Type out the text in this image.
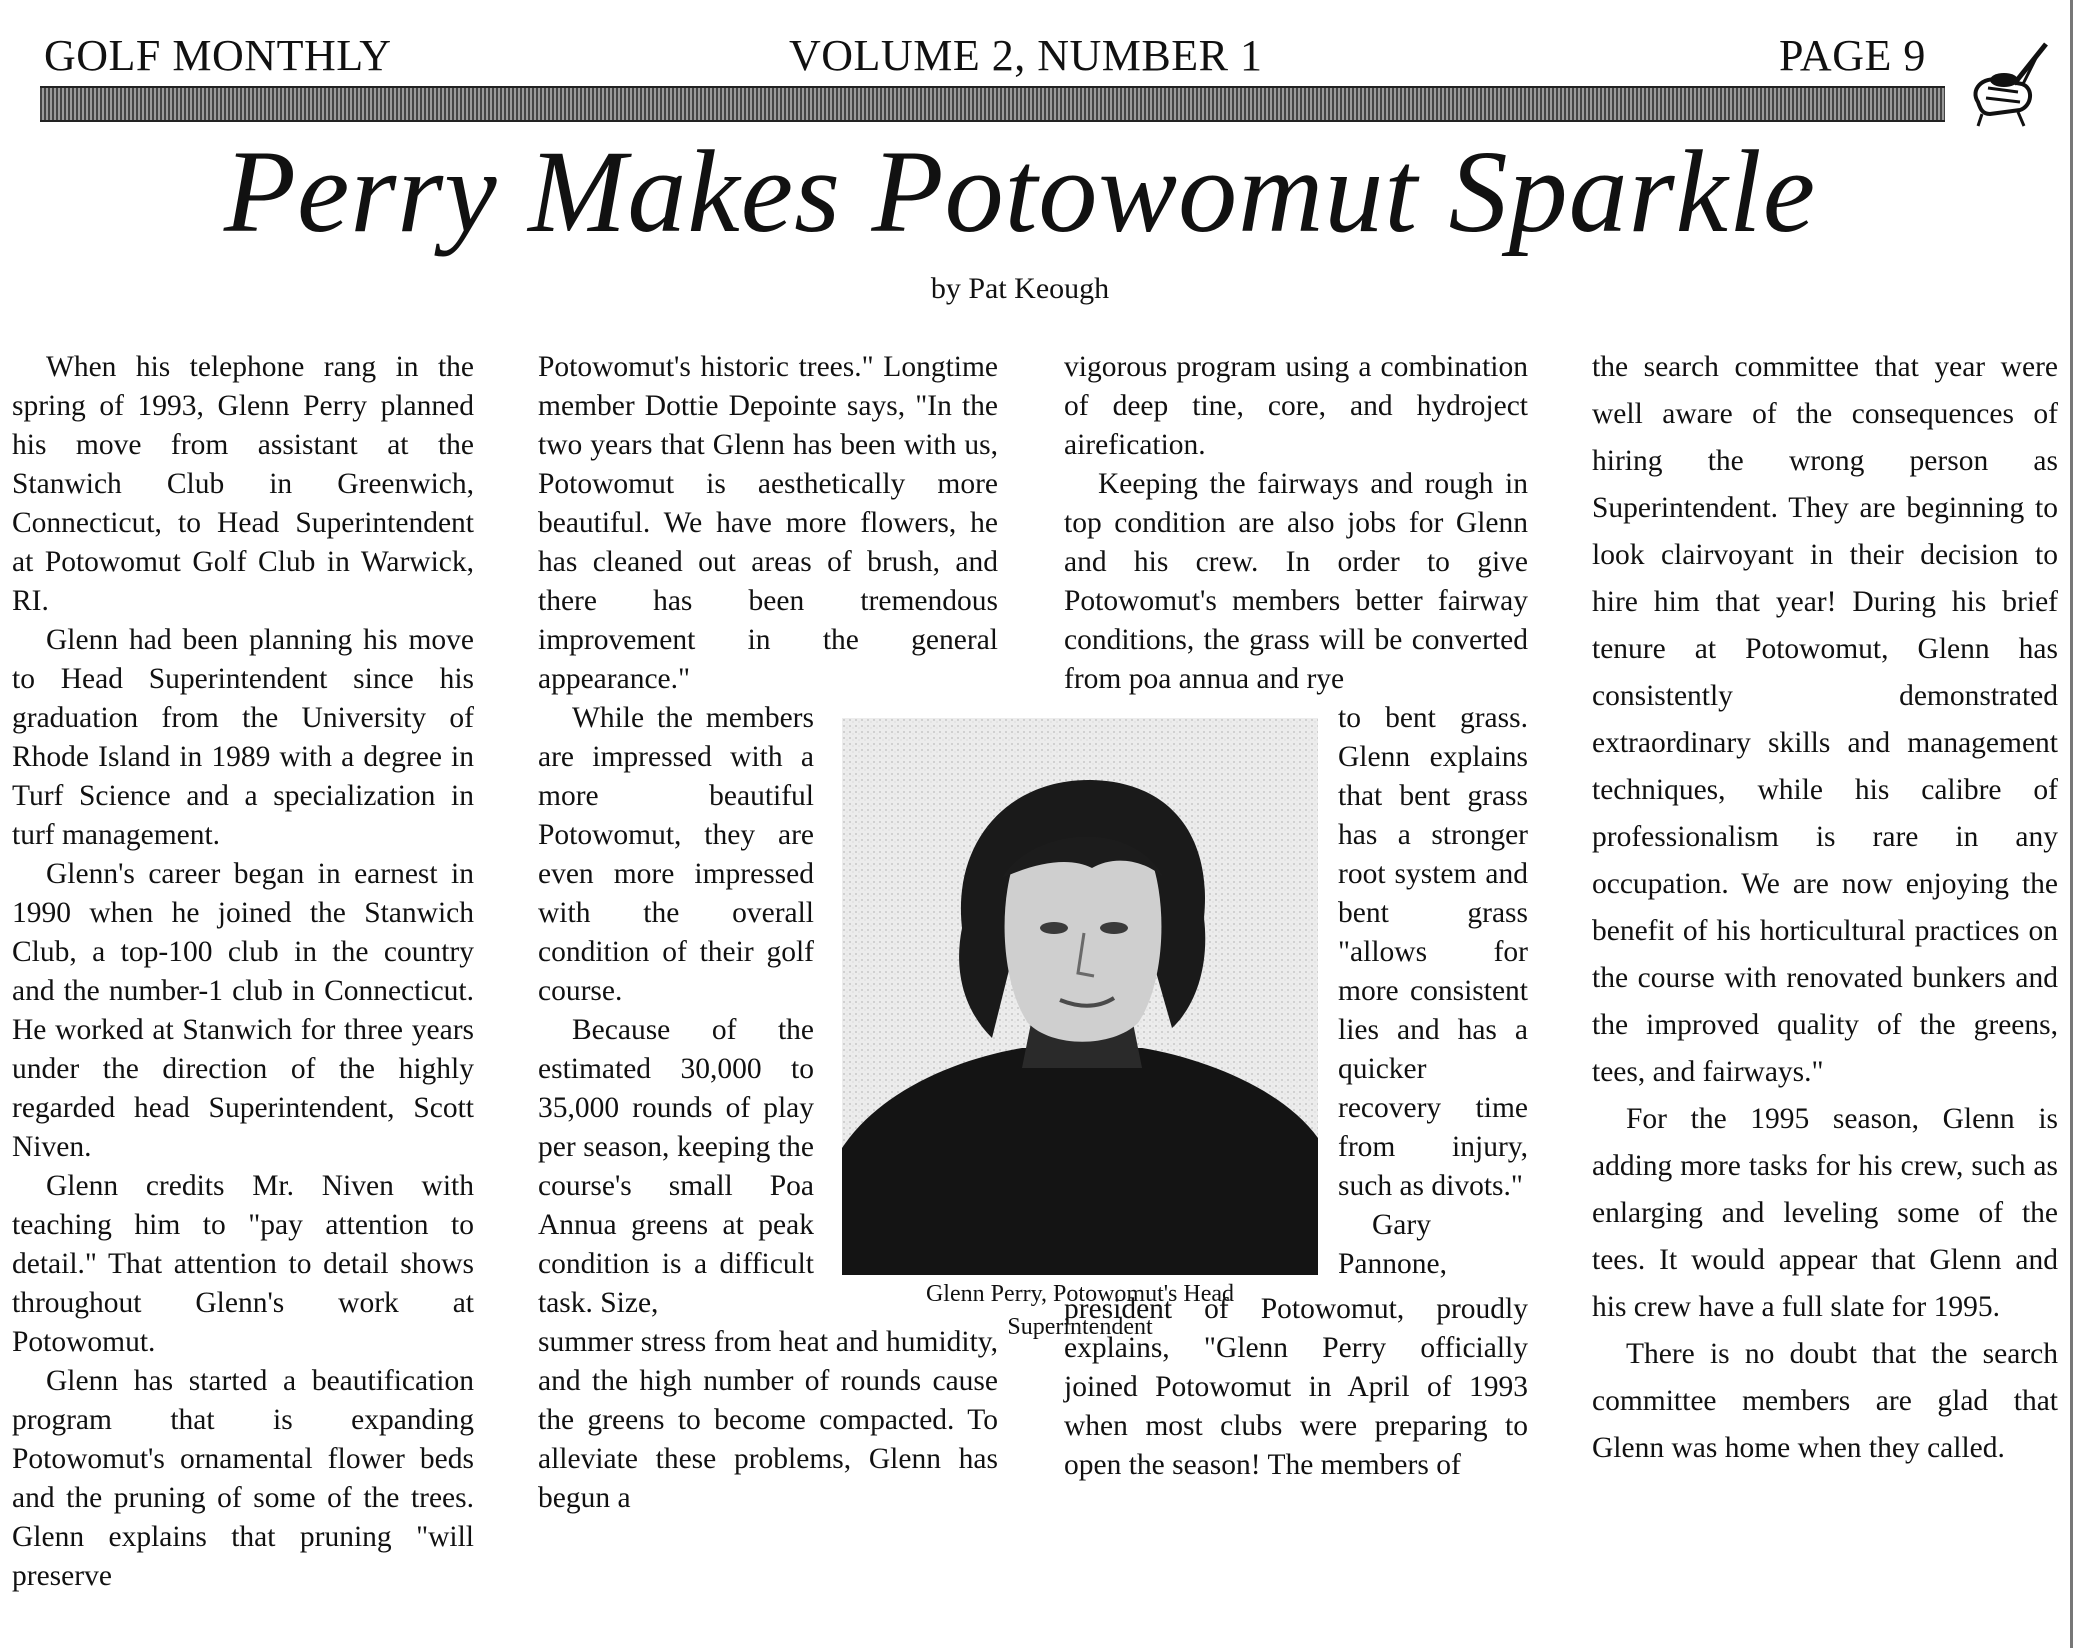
GOLF MONTHLY	VOLUME 2, NUMBER 1	PAGE 9
Perry Makes Potowomut Sparkle
by Pat Keough

When his telephone rang in the spring of 1993, Glenn Perry planned his move from assistant at the Stanwich Club in Greenwich, Connecticut, to Head Superintendent at Potowomut Golf Club in Warwick, RI.

Glenn had been planning his move to Head Superintendent since his graduation from the University of Rhode Island in 1989 with a degree in Turf Science and a specialization in turf management.

Glenn's career began in earnest in 1990 when he joined the Stanwich Club, a top-100 club in the country and the number-1 club in Connecticut. He worked at Stanwich for three years under the direction of the highly regarded head Superintendent, Scott Niven.

Glenn credits Mr. Niven with teaching him to "pay attention to detail." That attention to detail shows throughout Glenn's work at Potowomut.

Glenn has started a beautification program that is expanding Potowomut's ornamental flower beds and the pruning of some of the trees. Glenn explains that pruning "will preserve

Potowomut's historic trees." Longtime member Dottie Depointe says, "In the two years that Glenn has been with us, Potowomut is aesthetically more beautiful. We have more flowers, he has cleaned out areas of brush, and there has been tremendous improvement in the general appearance."

While the members are impressed with a more beautiful Potowomut, they are even more impressed with the overall condition of their golf course.

Because of the estimated 30,000 to 35,000 rounds of play per season, keeping the course's small Poa Annua greens at peak condition is a difficult task. Size,

summer stress from heat and humidity, and the high number of rounds cause the greens to become compacted. To alleviate these problems, Glenn has begun a

vigorous program using a combination of deep tine, core, and hydroject airefication.

Keeping the fairways and rough in top condition are also jobs for Glenn and his crew. In order to give Potowomut's members better fairway conditions, the grass will be converted from poa annua and rye

to bent grass. Glenn explains that bent grass has a stronger root system and bent grass "allows for more consistent lies and has a quicker recovery time from injury, such as divots."

Gary Pannone,

president of Potowomut, proudly explains, "Glenn Perry officially joined Potowomut in April of 1993 when most clubs were preparing to open the season! The members of

the search committee that year were well aware of the consequences of hiring the wrong person as Superintendent. They are beginning to look clairvoyant in their decision to hire him that year! During his brief tenure at Potowomut, Glenn has consistently demonstrated extraordinary skills and management techniques, while his calibre of professionalism is rare in any occupation. We are now enjoying the benefit of his horticultural practices on the course with renovated bunkers and the improved quality of the greens, tees, and fairways."

For the 1995 season, Glenn is adding more tasks for his crew, such as enlarging and leveling some of the tees. It would appear that Glenn and his crew have a full slate for 1995.

There is no doubt that the search committee members are glad that Glenn was home when they called.

Glenn Perry, Potowomut's Head
Superintendent
